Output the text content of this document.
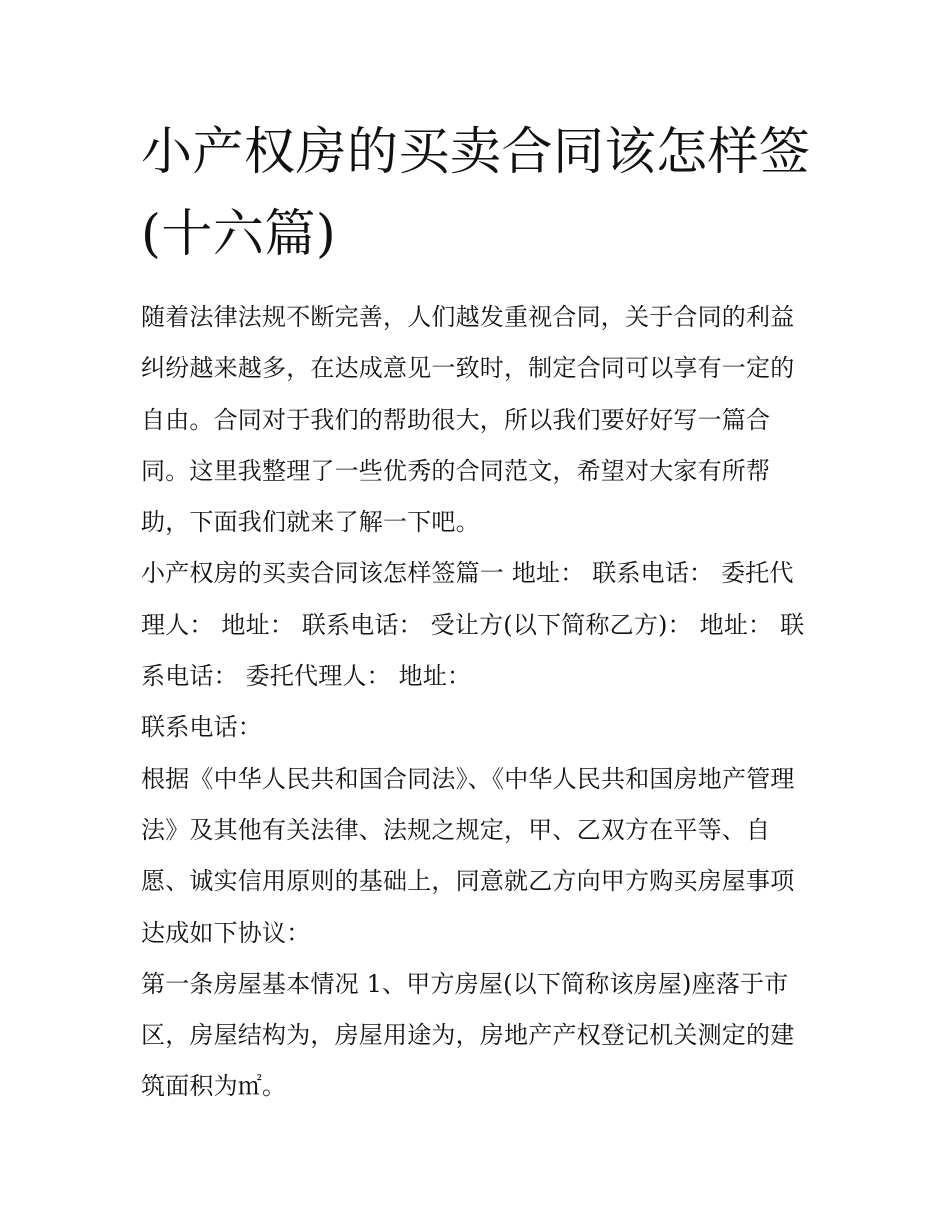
小产权房的买卖合同该怎样签(十六篇)

随着法律法规不断完善，人们越发重视合同，关于合同的利益纠纷越来越多，在达成意见一致时，制定合同可以享有一定的自由。合同对于我们的帮助很大，所以我们要好好写一篇合同。这里我整理了一些优秀的合同范文，希望对大家有所帮助，下面我们就来了解一下吧。

小产权房的买卖合同该怎样签篇一 地址： 联系电话： 委托代理人： 地址： 联系电话： 受让方(以下简称乙方)： 地址： 联系电话： 委托代理人： 地址：

联系电话：

根据《中华人民共和国合同法》、《中华人民共和国房地产管理法》及其他有关法律、法规之规定，甲、乙双方在平等、自愿、诚实信用原则的基础上，同意就乙方向甲方购买房屋事项达成如下协议：

第一条房屋基本情况 1、甲方房屋(以下简称该房屋)座落于市区，房屋结构为，房屋用途为，房地产产权登记机关测定的建筑面积为㎡。
